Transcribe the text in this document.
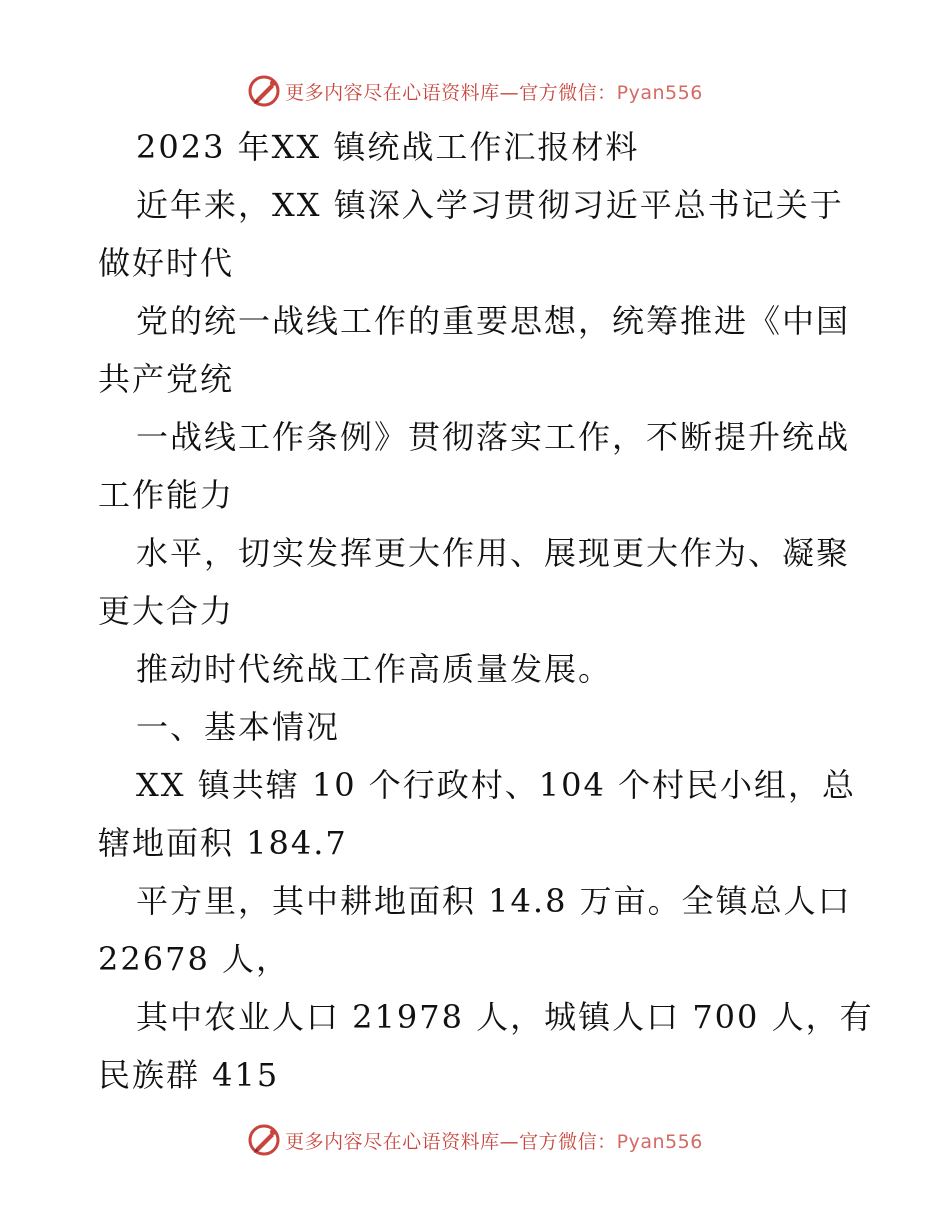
更多内容尽在心语资料库—官方微信：Pyan556
2023 年XX 镇统战工作汇报材料
近年来，XX 镇深入学习贯彻习近平总书记关于
做好时代
党的统一战线工作的重要思想，统筹推进《中国
共产党统
一战线工作条例》贯彻落实工作，不断提升统战
工作能力
水平，切实发挥更大作用、展现更大作为、凝聚
更大合力
推动时代统战工作高质量发展。
一、基本情况
XX 镇共辖 10 个行政村、104 个村民小组，总
辖地面积 184.7
平方里，其中耕地面积 14.8 万亩。全镇总人口
22678 人，
其中农业人口 21978 人，城镇人口 700 人，有
民族群 415
更多内容尽在心语资料库—官方微信：Pyan556
